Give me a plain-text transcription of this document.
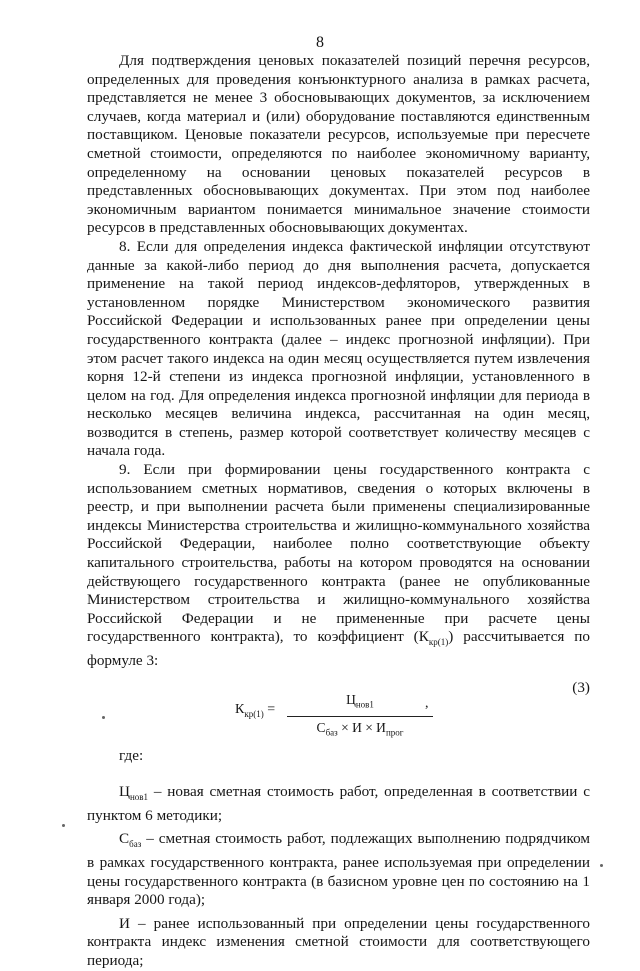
8

Для подтверждения ценовых показателей позиций перечня ресурсов, определенных для проведения конъюнктурного анализа в рамках расчета, представляется не менее 3 обосновывающих документов, за исключением случаев, когда материал и (или) оборудование поставляются единственным поставщиком. Ценовые показатели ресурсов, используемые при пересчете сметной стоимости, определяются по наиболее экономичному варианту, определенному на основании ценовых показателей ресурсов в представленных обосновывающих документах. При этом под наиболее экономичным вариантом понимается минимальное значение стоимости ресурсов в представленных обосновывающих документах.

8. Если для определения индекса фактической инфляции отсутствуют данные за какой-либо период до дня выполнения расчета, допускается применение на такой период индексов-дефляторов, утвержденных в установленном порядке Министерством экономического развития Российской Федерации и использованных ранее при определении цены государственного контракта (далее – индекс прогнозной инфляции). При этом расчет такого индекса на один месяц осуществляется путем извлечения корня 12-й степени из индекса прогнозной инфляции, установленного в целом на год. Для определения индекса прогнозной инфляции для периода в несколько месяцев величина индекса, рассчитанная на один месяц, возводится в степень, размер которой соответствует количеству месяцев с начала года.

9. Если при формировании цены государственного контракта с использованием сметных нормативов, сведения о которых включены в реестр, и при выполнении расчета были применены специализированные индексы Министерства строительства и жилищно-коммунального хозяйства Российской Федерации, наиболее полно соответствующие объекту капитального строительства, работы на котором проводятся на основании действующего государственного контракта (ранее не опубликованные Министерством строительства и жилищно-коммунального хозяйства Российской Федерации и не примененные при расчете цены государственного контракта), то коэффициент $(К_{кр(1)})$ рассчитывается по формуле 3:

(3)
$К_{кр(1)}$ =
$Ц_{нов1}$
$С_{баз} \times И \times И_{прог}$
,

где:

$Ц_{нов1}$ – новая сметная стоимость работ, определенная в соответствии с пунктом 6 методики;

$С_{баз}$ – сметная стоимость работ, подлежащих выполнению подрядчиком в рамках государственного контракта, ранее используемая при определении цены государственного контракта (в базисном уровне цен по состоянию на 1 января 2000 года);

И – ранее использованный при определении цены государственного контракта индекс изменения сметной стоимости для соответствующего периода;
